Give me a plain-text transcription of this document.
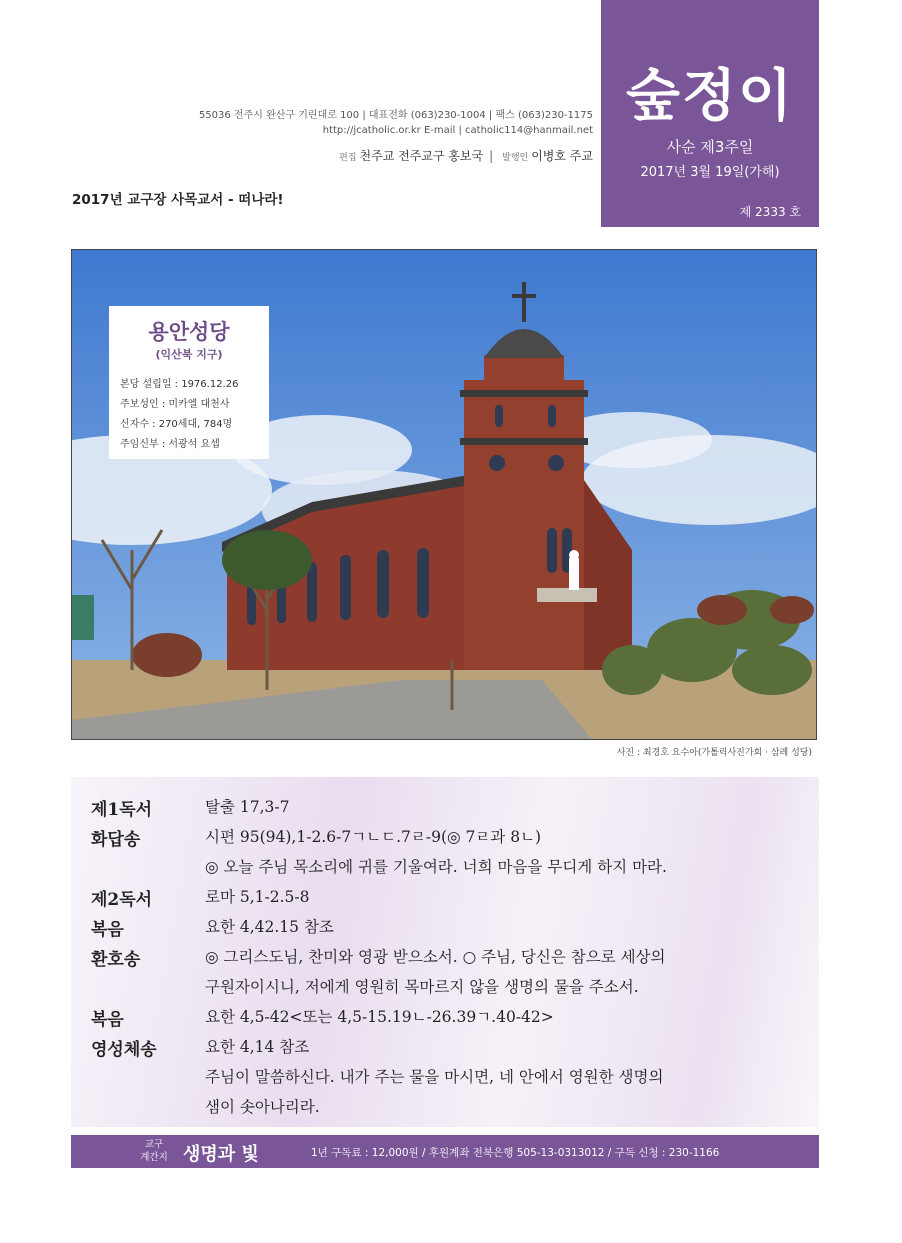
숲정이
사순 제3주일
2017년 3월 19일(가해)
제 2333 호
55036 전주시 완산구 기린대로 100 | 대표전화 (063)230-1004 | 팩스 (063)230-1175
http://jcatholic.or.kr E-mail | catholic114@hanmail.net
편집 천주교 전주교구 홍보국 | 발행인 이병호 주교
2017년 교구장 사목교서 - 떠나라!
용안성당
(익산북 지구)
본당 설립일 : 1976.12.26
주보성인 : 미카엘 대천사
신자수 : 270세대, 784명
주임신부 : 서광석 요셉
사진 : 최경호 요수아(가톨릭사진가회 · 삼례 성당)
제1독서	탈출 17,3-7
화답송	시편 95(94),1-2.6-7ㄱㄴㄷ.7ㄹ-9(◎ 7ㄹ과 8ㄴ)
◎ 오늘 주님 목소리에 귀를 기울여라. 너희 마음을 무디게 하지 마라.
제2독서	로마 5,1-2.5-8
복음	요한 4,42.15 참조
환호송	◎ 그리스도님, 찬미와 영광 받으소서. ○ 주님, 당신은 참으로 세상의
구원자이시니, 저에게 영원히 목마르지 않을 생명의 물을 주소서.
복음	요한 4,5-42<또는 4,5-15.19ㄴ-26.39ㄱ.40-42>
영성체송	요한 4,14 참조
주님이 말씀하신다. 내가 주는 물을 마시면, 네 안에서 영원한 생명의
샘이 솟아나리라.
교구
계간지 생명과 빛	1년 구독료 : 12,000원 / 후원계좌 전북은행 505-13-0313012 / 구독 신청 : 230-1166
